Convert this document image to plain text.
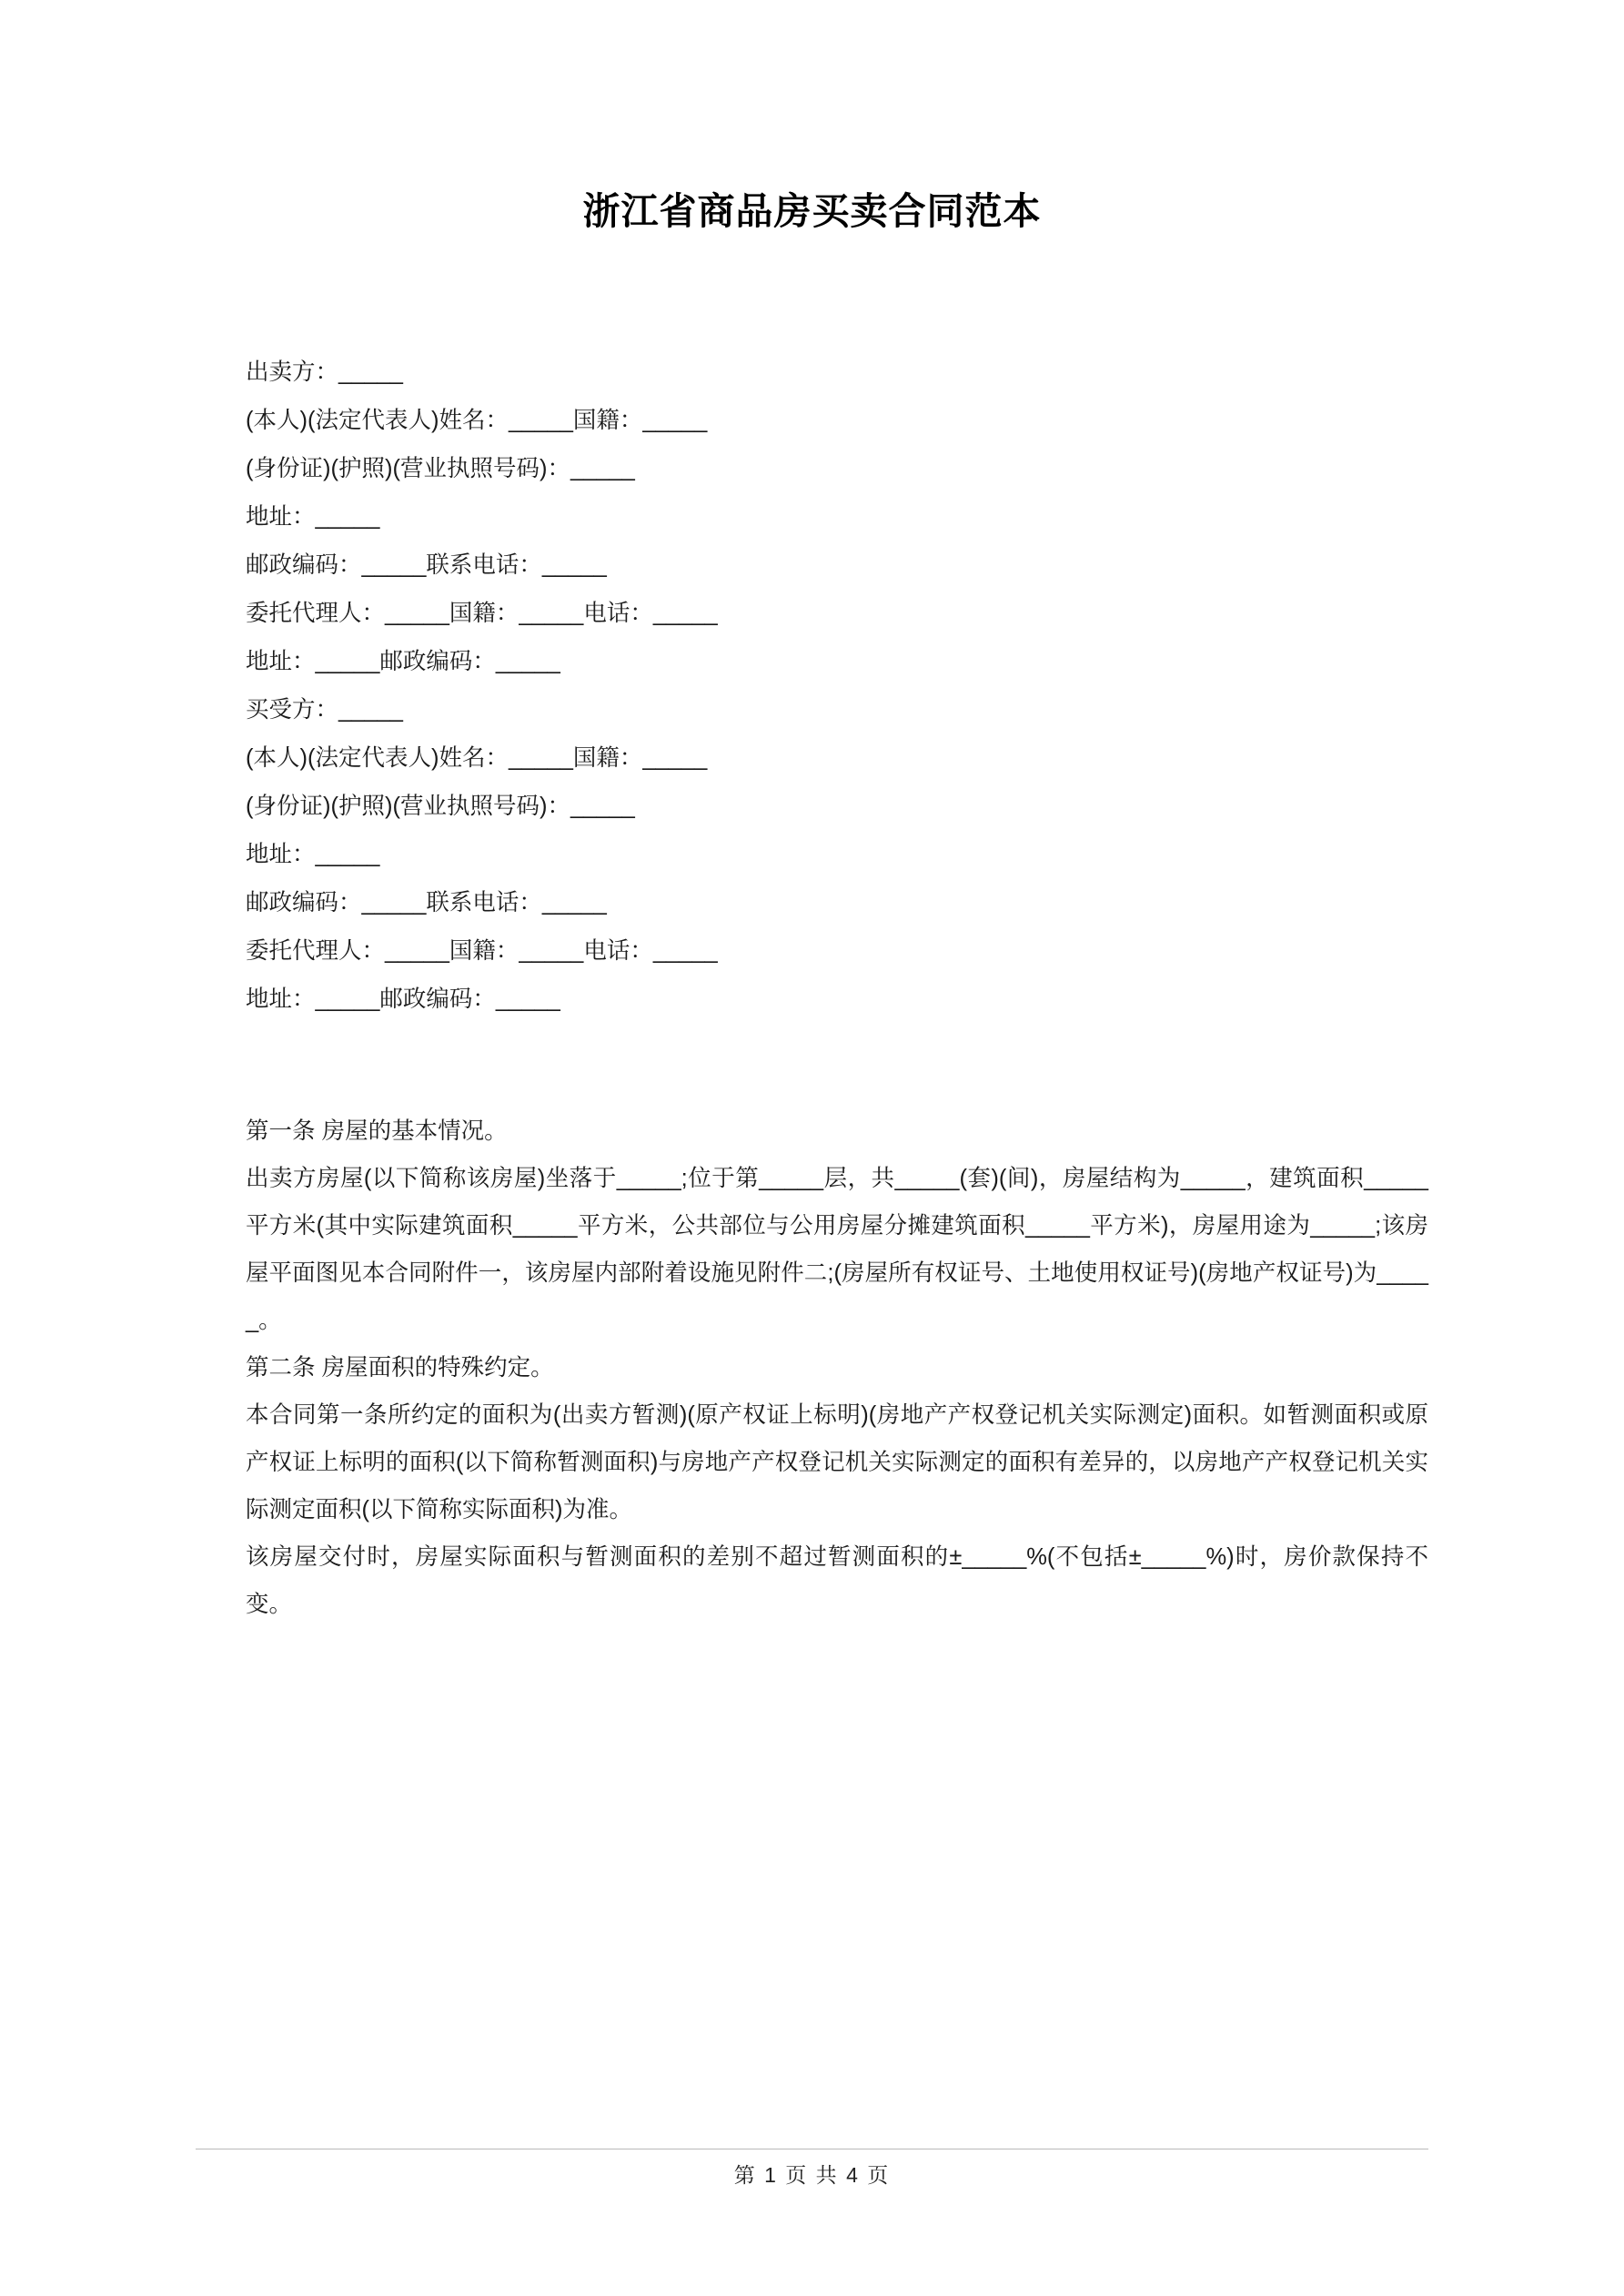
浙江省商品房买卖合同范本
出卖方：_____
(本人)(法定代表人)姓名：_____国籍：_____
(身份证)(护照)(营业执照号码)：_____
地址：_____
邮政编码：_____联系电话：_____
委托代理人：_____国籍：_____电话：_____
地址：_____邮政编码：_____
买受方：_____
(本人)(法定代表人)姓名：_____国籍：_____
(身份证)(护照)(营业执照号码)：_____
地址：_____
邮政编码：_____联系电话：_____
委托代理人：_____国籍：_____电话：_____
地址：_____邮政编码：_____

第一条 房屋的基本情况。

出卖方房屋(以下简称该房屋)坐落于_____;位于第_____层，共_____(套)(间)，房屋结构为_____，建筑面积_____平方米(其中实际建筑面积_____平方米，公共部位与公用房屋分摊建筑面积_____平方米)，房屋用途为_____;该房屋平面图见本合同附件一，该房屋内部附着设施见附件二;(房屋所有权证号、土地使用权证号)(房地产权证号)为_____。

第二条 房屋面积的特殊约定。

本合同第一条所约定的面积为(出卖方暂测)(原产权证上标明)(房地产产权登记机关实际测定)面积。如暂测面积或原产权证上标明的面积(以下简称暂测面积)与房地产产权登记机关实际测定的面积有差异的，以房地产产权登记机关实际测定面积(以下简称实际面积)为准。

该房屋交付时，房屋实际面积与暂测面积的差别不超过暂测面积的±_____%(不包括±_____%)时，房价款保持不变。

第 1 页 共 4 页
